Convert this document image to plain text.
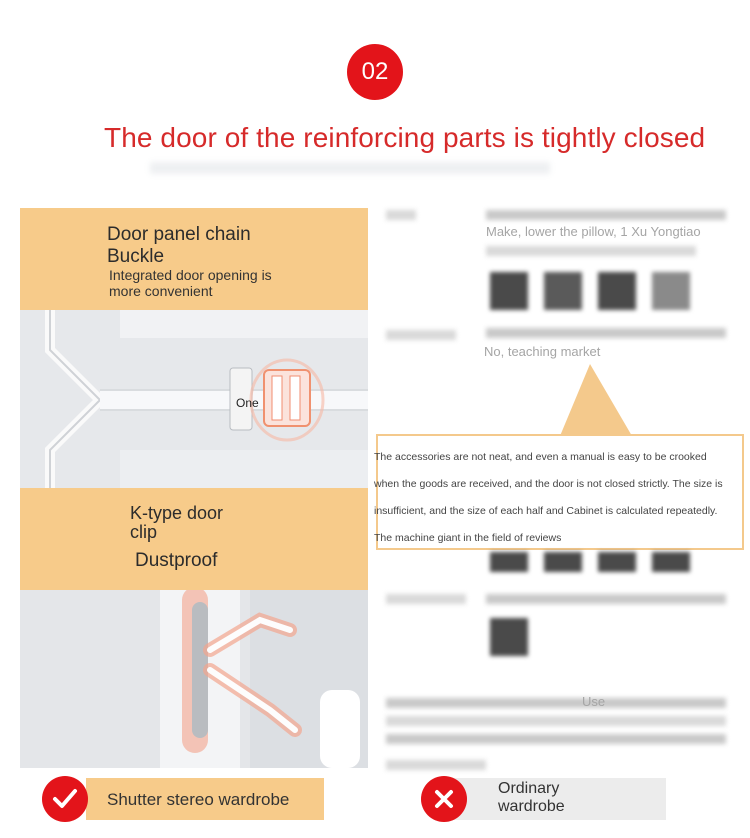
02
The door of the reinforcing parts is tightly closed
Door panel chain
Buckle
Integrated door opening is more convenient
One
K-type door clip
Dustproof
Make, lower the pillow, 1 Xu Yongtiao
No, teaching market
The accessories are not neat, and even a manual is easy to be crooked
when the goods are received, and the door is not closed strictly. The size is
insufficient, and the size of each half and Cabinet is calculated repeatedly.
The machine giant in the field of reviews
Use
Shutter stereo wardrobe
Ordinary wardrobe
